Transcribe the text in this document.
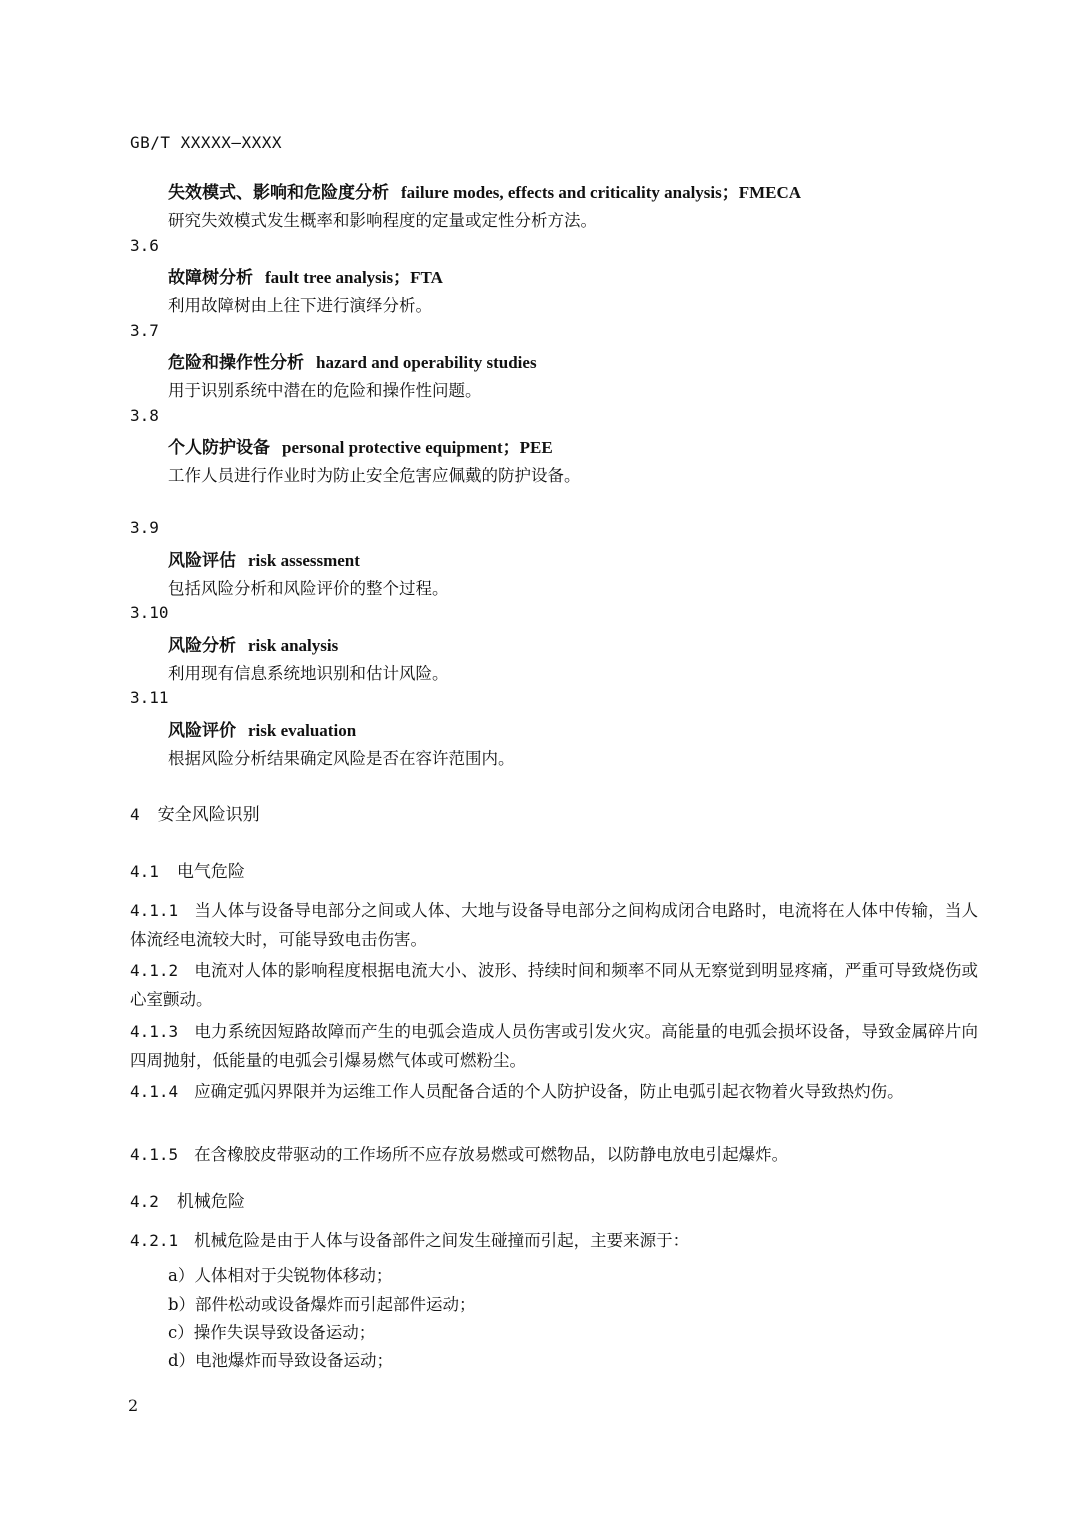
GB/T XXXXX—XXXX
失效模式、影响和危险度分析 failure modes, effects and criticality analysis；FMECA
研究失效模式发生概率和影响程度的定量或定性分析方法。
3.6
故障树分析 fault tree analysis；FTA
利用故障树由上往下进行演绎分析。
3.7
危险和操作性分析 hazard and operability studies
用于识别系统中潜在的危险和操作性问题。
3.8
个人防护设备 personal protective equipment；PEE
工作人员进行作业时为防止安全危害应佩戴的防护设备。
3.9
风险评估 risk assessment
包括风险分析和风险评价的整个过程。
3.10
风险分析 risk analysis
利用现有信息系统地识别和估计风险。
3.11
风险评价 risk evaluation
根据风险分析结果确定风险是否在容许范围内。
4 安全风险识别
4.1 电气危险
4.1.1 当人体与设备导电部分之间或人体、大地与设备导电部分之间构成闭合电路时，电流将在人体中传输，当人体流经电流较大时，可能导致电击伤害。
4.1.2 电流对人体的影响程度根据电流大小、波形、持续时间和频率不同从无察觉到明显疼痛，严重可导致烧伤或心室颤动。
4.1.3 电力系统因短路故障而产生的电弧会造成人员伤害或引发火灾。高能量的电弧会损坏设备，导致金属碎片向四周抛射，低能量的电弧会引爆易燃气体或可燃粉尘。
4.1.4 应确定弧闪界限并为运维工作人员配备合适的个人防护设备，防止电弧引起衣物着火导致热灼伤。
4.1.5 在含橡胶皮带驱动的工作场所不应存放易燃或可燃物品，以防静电放电引起爆炸。
4.2 机械危险
4.2.1 机械危险是由于人体与设备部件之间发生碰撞而引起，主要来源于：
a）人体相对于尖锐物体移动；
b）部件松动或设备爆炸而引起部件运动；
c）操作失误导致设备运动；
d）电池爆炸而导致设备运动；
2
